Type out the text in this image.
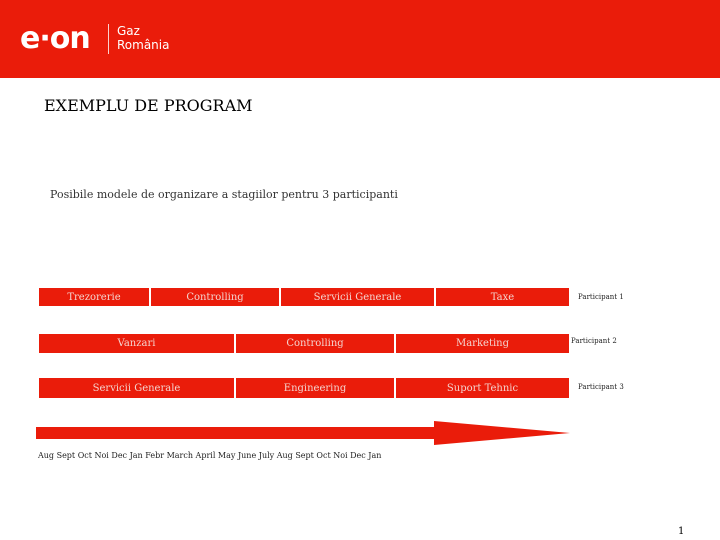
e·on Gaz
România
EXEMPLU DE PROGRAM
Posibile modele de organizare a stagiilor pentru 3 participanti
Trezorerie	Controlling	Servicii Generale	Taxe	Participant 1
Vanzari	Controlling	Marketing	Participant 2
Servicii Generale	Engineering	Suport Tehnic	Participant 3
Aug Sept Oct Noi Dec Jan Febr March April May June July Aug Sept Oct Noi Dec Jan
1
